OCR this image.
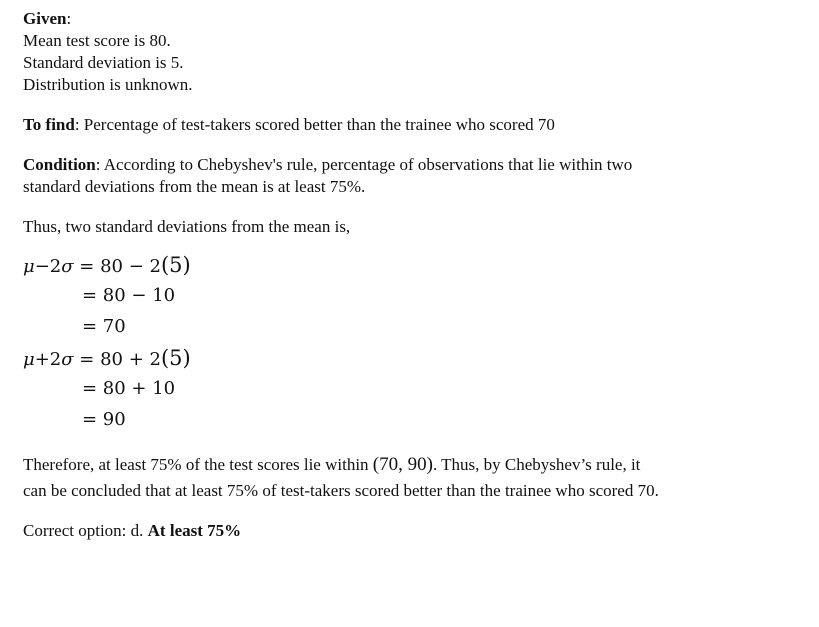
Given:
Mean test score is 80.
Standard deviation is 5.
Distribution is unknown.
To find: Percentage of test-takers scored better than the trainee who scored 70
Condition: According to Chebyshev's rule, percentage of observations that lie within two
standard deviations from the mean is at least 75%.
Thus, two standard deviations from the mean is,
μ−2σ = 80 − 2(5)
= 80 − 10
= 70
μ+2σ = 80 + 2(5)
= 80 + 10
= 90
Therefore, at least 75% of the test scores lie within (70, 90). Thus, by Chebyshev’s rule, it
can be concluded that at least 75% of test-takers scored better than the trainee who scored 70.
Correct option: d. At least 75%
